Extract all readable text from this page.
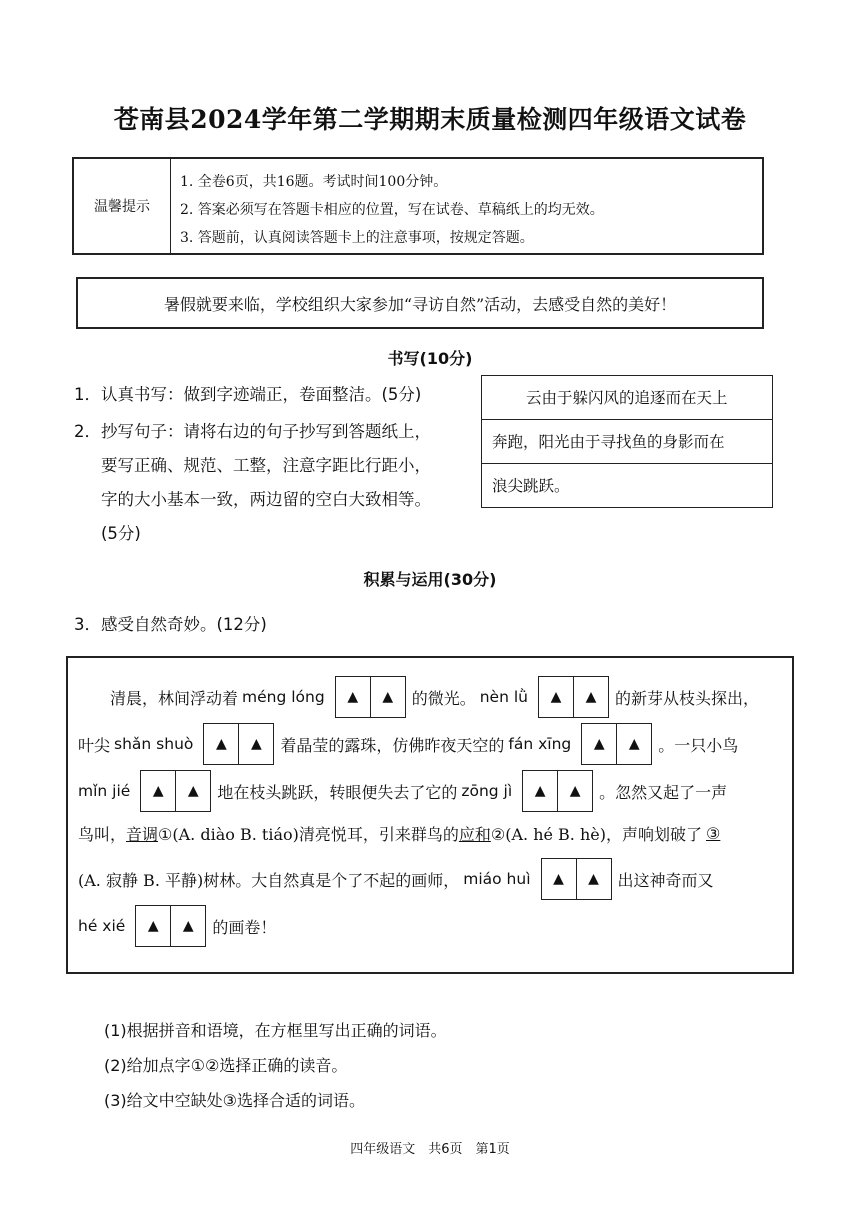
苍南县2024学年第二学期期末质量检测四年级语文试卷
温馨提示
1. 全卷6页，共16题。考试时间100分钟。
2. 答案必须写在答题卡相应的位置，写在试卷、草稿纸上的均无效。
3. 答题前，认真阅读答题卡上的注意事项，按规定答题。
暑假就要来临，学校组织大家参加“寻访自然”活动，去感受自然的美好！
书写(10分)
1．认真书写：做到字迹端正，卷面整洁。(5分)
2．抄写句子：请将右边的句子抄写到答题纸上，
要写正确、规范、工整，注意字距比行距小，
字的大小基本一致，两边留的空白大致相等。
(5分)
云由于躲闪风的追逐而在天上
奔跑，阳光由于寻找鱼的身影而在
浪尖跳跃。
积累与运用(30分)
3．感受自然奇妙。(12分)
清晨，林间浮动着 méng lóng	▲	▲	的微光。 nèn lǜ	▲	▲	的新芽从枝头探出，
叶尖 shǎn shuò	▲	▲	着晶莹的露珠，仿佛昨夜天空的 fán xīng	▲	▲	。一只小鸟
mǐn jié	▲	▲	地在枝头跳跃，转眼便失去了它的 zōng jì	▲	▲	。忽然又起了一声
鸟叫， 音调 ①(A. diào B. tiáo)清亮悦耳，引来群鸟的 应和 ②(A. hé B. hè)，声响划破了 ③
(A. 寂静 B. 平静)树林。大自然真是个了不起的画师， miáo huì	▲	▲	出这神奇而又
hé xié	▲	▲	的画卷！
(1)根据拼音和语境，在方框里写出正确的词语。
(2)给加点字①②选择正确的读音。
(3)给文中空缺处③选择合适的词语。
四年级语文　共6页　第1页
